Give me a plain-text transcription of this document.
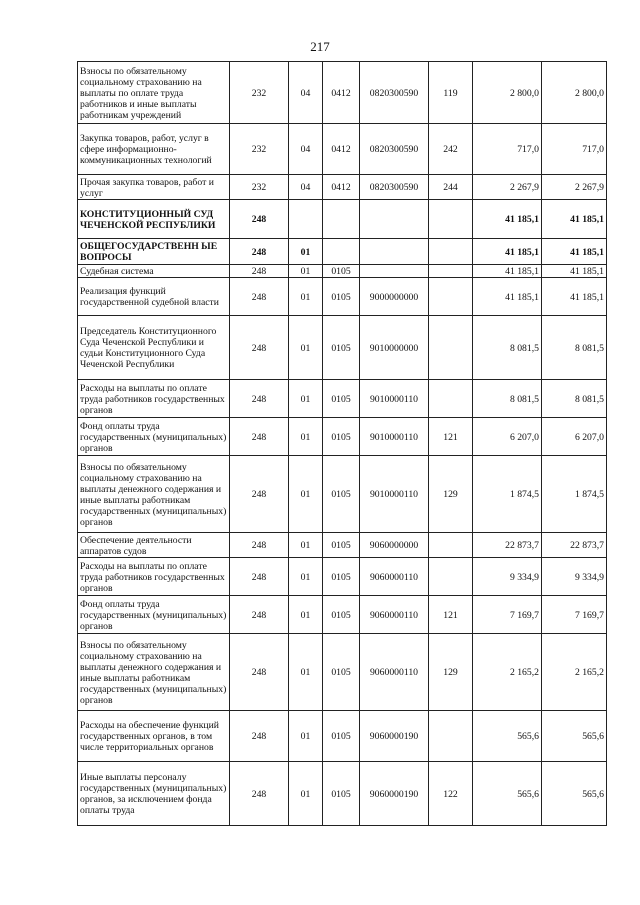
217
Взносы по обязательному социальному страхованию на выплаты по оплате труда работников и иные выплаты работникам учреждений	232	04	0412	0820300590	119	2 800,0	2 800,0
Закупка товаров, работ, услуг в сфере информационно-коммуникационных технологий	232	04	0412	0820300590	242	717,0	717,0
Прочая закупка товаров, работ и услуг	232	04	0412	0820300590	244	2 267,9	2 267,9
КОНСТИТУЦИОННЫЙ СУД ЧЕЧЕНСКОЙ РЕСПУБЛИКИ	248					41 185,1	41 185,1
ОБЩЕГОСУДАРСТВЕНН ЫЕ ВОПРОСЫ	248	01				41 185,1	41 185,1
Судебная система	248	01	0105			41 185,1	41 185,1
Реализация функций государственной судебной власти	248	01	0105	9000000000		41 185,1	41 185,1
Председатель Конституционного Суда Чеченской Республики и судьи Конституционного Суда Чеченской Республики	248	01	0105	9010000000		8 081,5	8 081,5
Расходы на выплаты по оплате труда работников государственных органов	248	01	0105	9010000110		8 081,5	8 081,5
Фонд оплаты труда государственных (муниципальных) органов	248	01	0105	9010000110	121	6 207,0	6 207,0
Взносы по обязательному социальному страхованию на выплаты денежного содержания и иные выплаты работникам государственных (муниципальных) органов	248	01	0105	9010000110	129	1 874,5	1 874,5
Обеспечение деятельности аппаратов судов	248	01	0105	9060000000		22 873,7	22 873,7
Расходы на выплаты по оплате труда работников государственных органов	248	01	0105	9060000110		9 334,9	9 334,9
Фонд оплаты труда государственных (муниципальных) органов	248	01	0105	9060000110	121	7 169,7	7 169,7
Взносы по обязательному социальному страхованию на выплаты денежного содержания и иные выплаты работникам государственных (муниципальных) органов	248	01	0105	9060000110	129	2 165,2	2 165,2
Расходы на обеспечение функций государственных органов, в том числе территориальных органов	248	01	0105	9060000190		565,6	565,6
Иные выплаты персоналу государственных (муниципальных) органов, за исключением фонда оплаты труда	248	01	0105	9060000190	122	565,6	565,6
